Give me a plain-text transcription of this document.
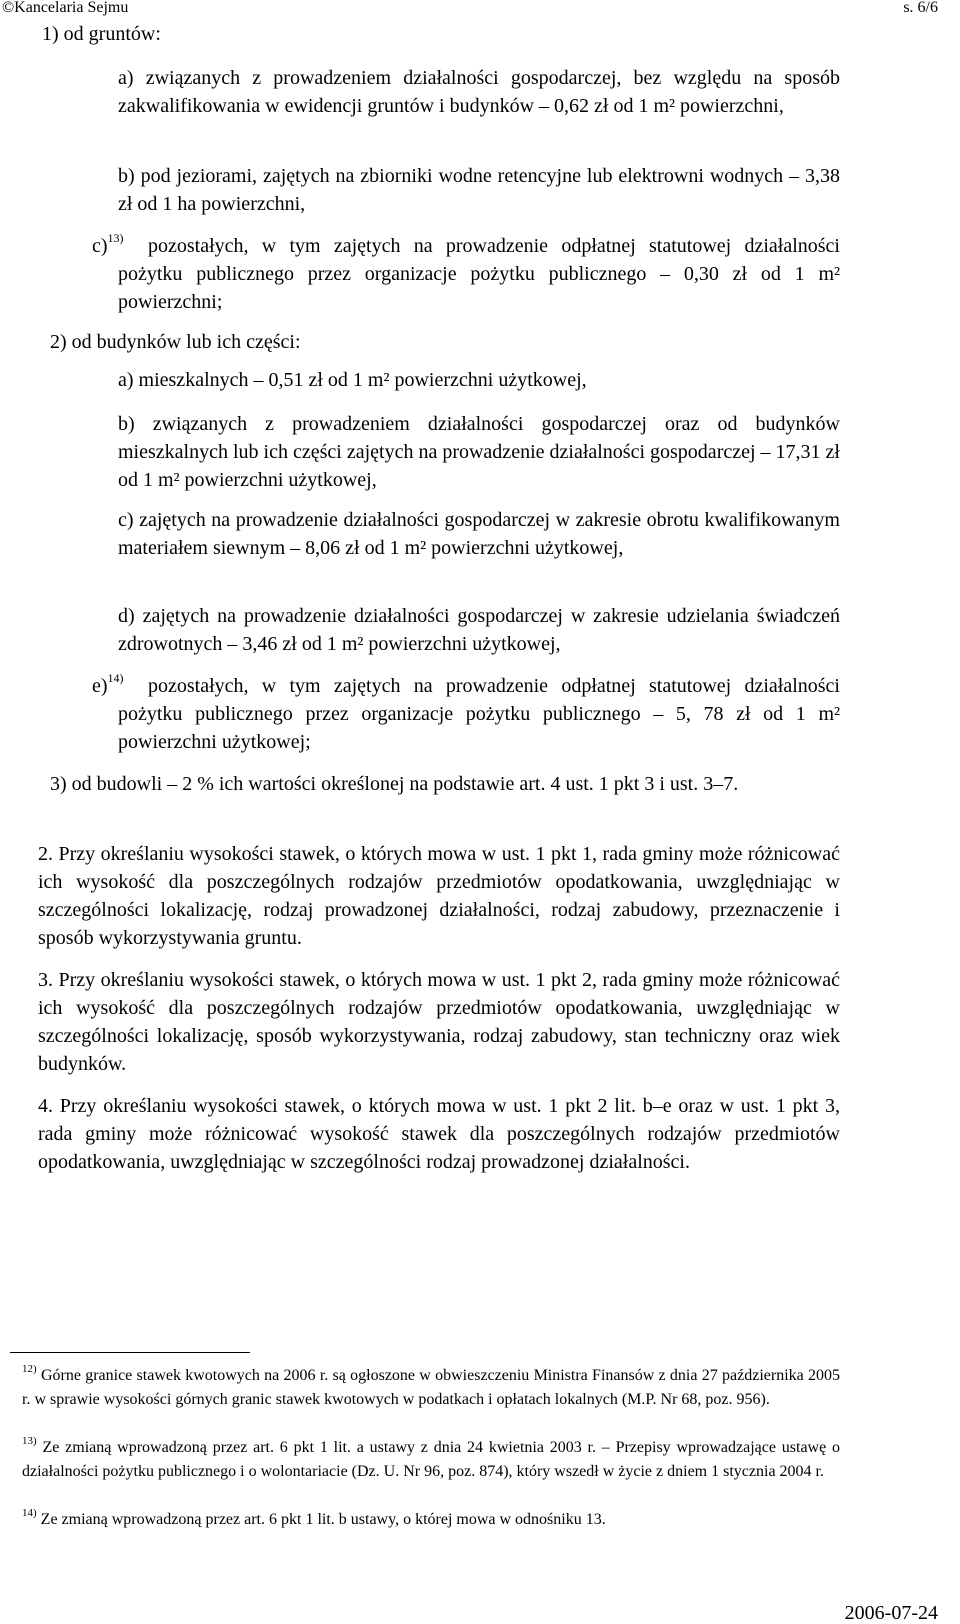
©Kancelaria Sejmu	s. 6/6

1) od gruntów:

a) związanych z prowadzeniem działalności gospodarczej, bez względu na sposób zakwalifikowania w ewidencji gruntów i budynków – 0,62 zł od 1 m² powierzchni,

b) pod jeziorami, zajętych na zbiorniki wodne retencyjne lub elektrowni wodnych – 3,38 zł od 1 ha powierzchni,

c)$^{13)}$	pozostałych, w tym zajętych na prowadzenie odpłatnej statutowej działalności pożytku publicznego przez organizacje pożytku publicznego – 0,30 zł od 1 m² powierzchni;

2) od budynków lub ich części:

a) mieszkalnych – 0,51 zł od 1 m² powierzchni użytkowej,

b) związanych z prowadzeniem działalności gospodarczej oraz od budynków mieszkalnych lub ich części zajętych na prowadzenie działalności gospodarczej – 17,31 zł od 1 m² powierzchni użytkowej,

c) zajętych na prowadzenie działalności gospodarczej w zakresie obrotu kwalifikowanym materiałem siewnym – 8,06 zł od 1 m² powierzchni użytkowej,

d) zajętych na prowadzenie działalności gospodarczej w zakresie udzielania świadczeń zdrowotnych – 3,46 zł od 1 m² powierzchni użytkowej,

e)$^{14)}$	pozostałych, w tym zajętych na prowadzenie odpłatnej statutowej działalności pożytku publicznego przez organizacje pożytku publicznego – 5, 78 zł od 1 m² powierzchni użytkowej;

3) od budowli – 2 % ich wartości określonej na podstawie art. 4 ust. 1 pkt 3 i ust. 3–7.

2. Przy określaniu wysokości stawek, o których mowa w ust. 1 pkt 1, rada gminy może różnicować ich wysokość dla poszczególnych rodzajów przedmiotów opodatkowania, uwzględniając w szczególności lokalizację, rodzaj prowadzonej działalności, rodzaj zabudowy, przeznaczenie i sposób wykorzystywania gruntu.

3. Przy określaniu wysokości stawek, o których mowa w ust. 1 pkt 2, rada gminy może różnicować ich wysokość dla poszczególnych rodzajów przedmiotów opodatkowania, uwzględniając w szczególności lokalizację, sposób wykorzystywania, rodzaj zabudowy, stan techniczny oraz wiek budynków.

4. Przy określaniu wysokości stawek, o których mowa w ust. 1 pkt 2 lit. b–e oraz w ust. 1 pkt 3, rada gminy może różnicować wysokość stawek dla poszczególnych rodzajów przedmiotów opodatkowania, uwzględniając w szczególności rodzaj prowadzonej działalności.

$^{12)}$ Górne granice stawek kwotowych na 2006 r. są ogłoszone w obwieszczeniu Ministra Finansów z dnia 27 października 2005 r. w sprawie wysokości górnych granic stawek kwotowych w podatkach i opłatach lokalnych (M.P. Nr 68, poz. 956).

$^{13)}$ Ze zmianą wprowadzoną przez art. 6 pkt 1 lit. a ustawy z dnia 24 kwietnia 2003 r. – Przepisy wprowadzające ustawę o działalności pożytku publicznego i o wolontariacie (Dz. U. Nr 96, poz. 874), który wszedł w życie z dniem 1 stycznia 2004 r.

$^{14)}$ Ze zmianą wprowadzoną przez art. 6 pkt 1 lit. b ustawy, o której mowa w odnośniku 13.

2006-07-24
